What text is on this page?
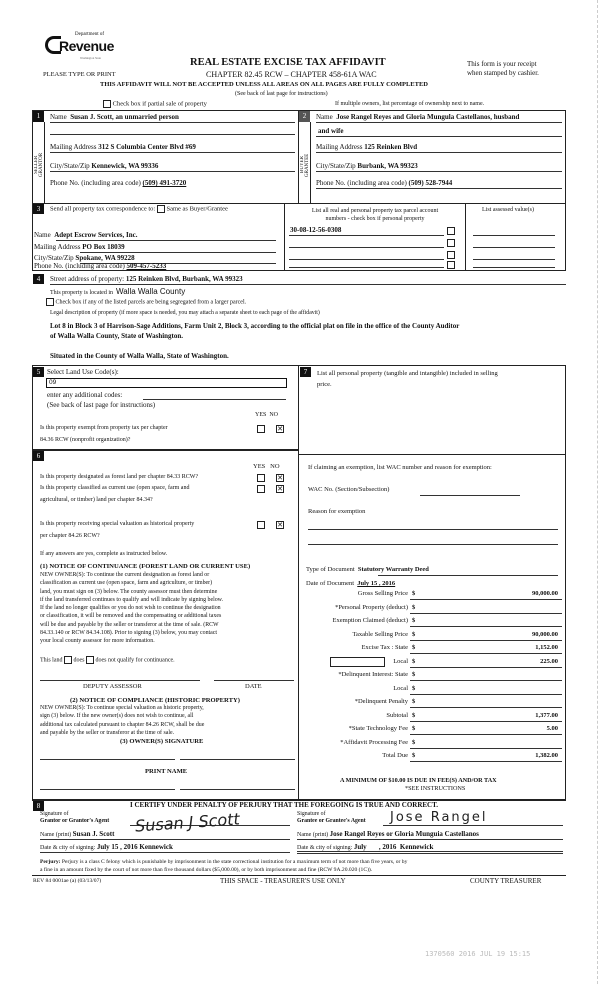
Department of
Revenue
Washington State
PLEASE TYPE OR PRINT
REAL ESTATE EXCISE TAX AFFIDAVIT
CHAPTER 82.45 RCW – CHAPTER 458-61A WAC
THIS AFFIDAVIT WILL NOT BE ACCEPTED UNLESS ALL AREAS ON ALL PAGES ARE FULLY COMPLETED
(See back of last page for instructions)
This form is your receipt
when stamped by cashier.
Check box if partial sale of property	If multiple owners, list percentage of ownership next to name.
1
SELLER GRANTOR
2
BUYER GRANTEE
Name Susan J. Scott, an unmarried person
Mailing Address 312 S Columbia Center Blvd #69
City/State/Zip Kennewick, WA 99336
Phone No. (including area code) (509) 491-3720
Name Jose Rangel Reyes and Gloria Mungula Castellanos, husband
and wife
Mailing Address 125 Reinken Blvd
City/State/Zip Burbank, WA 99323
Phone No. (including area code) (509) 528-7944
3	Send all property tax correspondence to: Same as Buyer/Grantee
Name Adept Escrow Services, Inc.
Mailing Address PO Box 18039
City/State/Zip Spokane, WA 99228
Phone No. (including area code) 509-457-5233
List all real and personal property tax parcel account
numbers - check box if personal property
30-08-12-56-0308
List assessed value(s)
4	Street address of property: 125 Reinken Blvd, Burbank, WA 99323
This property is located in Walla Walla County
Check box if any of the listed parcels are being segregated from a larger parcel.
Legal description of property (if more space is needed, you may attach a separate sheet to each page of the affidavit)
Lot 8 in Block 3 of Harrison-Sage Additions, Farm Unit 2, Block 3, according to the official plat on file in the office of the County Auditor
of Walla Walla County, State of Washington.
Situated in the County of Walla Walla, State of Washington.
5 Select Land Use Code(s):
09
enter any additional codes:
(See back of last page for instructions)
YES NO
Is this property exempt from property tax per chapter
84.36 RCW (nonprofit organization)?
✕
6
YES NO
Is this property designated as forest land per chapter 84.33 RCW?	✕
Is this property classified as current use (open space, farm and
agricultural, or timber) land per chapter 84.34?
✕
Is this property receiving special valuation as historical property
per chapter 84.26 RCW?
✕
If any answers are yes, complete as instructed below.
(1) NOTICE OF CONTINUANCE (FOREST LAND OR CURRENT USE)
NEW OWNER(S): To continue the current designation as forest land or
classification as current use (open space, farm and agriculture, or timber)
land, you must sign on (3) below. The county assessor must then determine
if the land transferred continues to qualify and will indicate by signing below.
If the land no longer qualifies or you do not wish to continue the designation
or classification, it will be removed and the compensating or additional taxes
will be due and payable by the seller or transferor at the time of sale. (RCW
84.33.140 or RCW 84.34.108). Prior to signing (3) below, you may contact
your local county assessor for more information.
This land does does not qualify for continuance.
DEPUTY ASSESSOR	DATE
(2) NOTICE OF COMPLIANCE (HISTORIC PROPERTY)
NEW OWNER(S): To continue special valuation as historic property,
sign (3) below. If the new owner(s) does not wish to continue, all
additional tax calculated pursuant to chapter 84.26 RCW, shall be due
and payable by the seller or transferor at the time of sale.
(3) OWNER(S) SIGNATURE
PRINT NAME
7	List all personal property (tangible and intangible) included in selling
price.
If claiming an exemption, list WAC number and reason for exemption:
WAC No. (Section/Subsection)
Reason for exemption
Type of Document Statutory Warranty Deed
Date of Document July 15 , 2016
Gross Selling Price $	90,000.00
*Personal Property (deduct) $
Exemption Claimed (deduct) $
Taxable Selling Price $	90,000.00
Excise Tax : State $	1,152.00
Local $	225.00
*Delinquent Interest: State $
Local $
*Delinquent Penalty $
Subtotal $	1,377.00
*State Technology Fee $	5.00
*Affidavit Processing Fee $
Total Due $	1,382.00
A MINIMUM OF $10.00 IS DUE IN FEE(S) AND/OR TAX
*SEE INSTRUCTIONS
8	I CERTIFY UNDER PENALTY OF PERJURY THAT THE FOREGOING IS TRUE AND CORRECT.
Signature of
Grantor or Grantor's Agent Susan J Scott
Name (print) Susan J. Scott
Date & city of signing: July 15 , 2016 Kennewick
Signature of
Grantee or Grantee's Agent Jose Rangel
Name (print) Jose Rangel Reyes or Gloria Munguia Castellanos
Date & city of signing: July       , 2016  Kennewick
Perjury: Perjury is a class C felony which is punishable by imprisonment in the state correctional institution for a maximum term of not more than five years, or by
a fine in an amount fixed by the court of not more than five thousand dollars ($5,000.00), or by both imprisonment and fine (RCW 9A.20.020 (1C)).
REV 84 0001ae (a) (03/13/07)	THIS SPACE - TREASURER'S USE ONLY	COUNTY TREASURER
1370560 2016 JUL 19 15:15
